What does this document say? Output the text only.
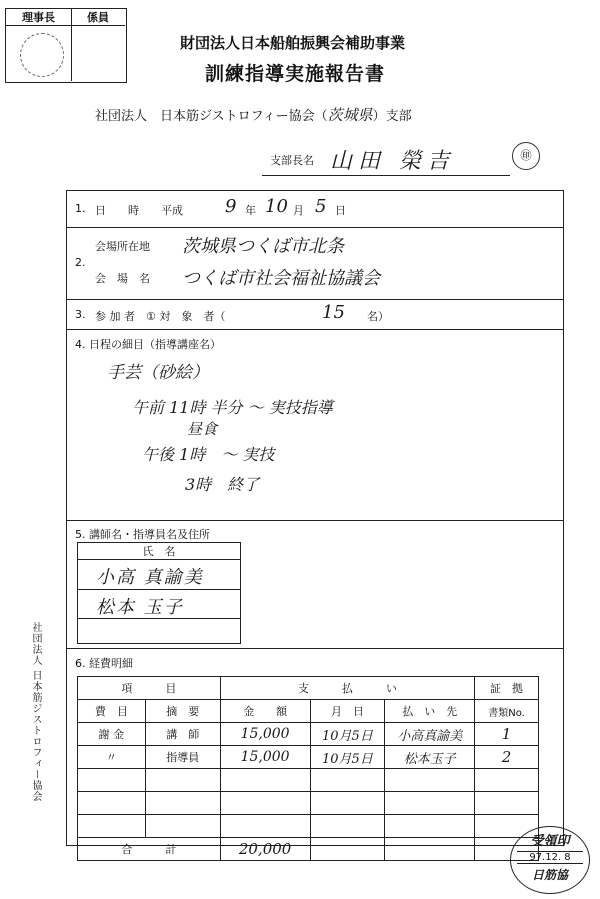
理事長	係員
財団法人日本船舶振興会補助事業
訓練指導実施報告書
社団法人　日本筋ジストロフィー協会（茨城県）支部
支部長名 山田 榮吉	㊞
1. 日　　時　　平成 9 年 10 月 5 日
2.
会場所在地 茨城県つくば市北条
会　場　名 つくば市社会福祉協議会
3. 参 加 者　① 対　象　者（	15 名）
4. 日程の細目（指導講座名）
手芸（砂絵）
午前 11時 半分 ～ 実技指導
昼食
午後 1時　～ 実技
3時　終了
5. 講師名・指導員名及住所
氏　名
小高 真諭美
松本 玉子
6. 経費明細
項　　　目		支　　　払　　　い			証　拠
費　目	摘　要	金　　額	月　日	払　い　先	書類No.
謝 金	講　師	15,000	10月5日	小高真諭美	1
〃	指導員	15,000	10月5日	松本玉子	2

合　　　計		20,000			
社団法人 日本筋ジストロフィー協会
受領印
97.12. 8
日筋協
